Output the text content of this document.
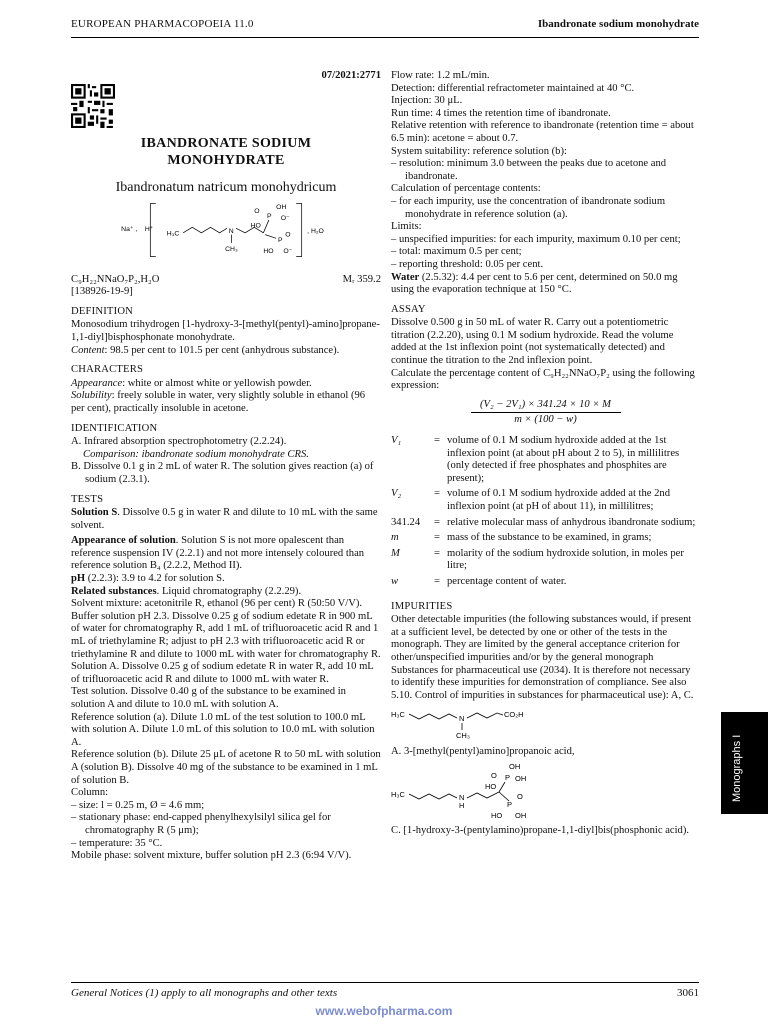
EUROPEAN PHARMACOPOEIA 11.0	Ibandronate sodium monohydrate
07/2021:2771
IBANDRONATE SODIUM MONOHYDRATE
Ibandronatum natricum monohydricum
Na⁺ , H⁺
H₃C	N
CH₃
O
OH
P O⁻
HO
P
O
HO O⁻
, H₂O
C₉H₂₂NNaO₇P₂,H₂O	Mᵣ 359.2
[138926-19-9]
DEFINITION

Monosodium trihydrogen [1-hydroxy-3-[methyl(pentyl)-amino]propane-1,1-diyl]bisphosphonate monohydrate.

Content: 98.5 per cent to 101.5 per cent (anhydrous substance).

CHARACTERS

Appearance: white or almost white or yellowish powder.

Solubility: freely soluble in water, very slightly soluble in ethanol (96 per cent), practically insoluble in acetone.

IDENTIFICATION

A. Infrared absorption spectrophotometry (2.2.24).

Comparison: ibandronate sodium monohydrate CRS.

B. Dissolve 0.1 g in 2 mL of water R. The solution gives reaction (a) of sodium (2.3.1).

TESTS

Solution S. Dissolve 0.5 g in water R and dilute to 10 mL with the same solvent.

Appearance of solution. Solution S is not more opalescent than reference suspension IV (2.2.1) and not more intensely coloured than reference solution B₄ (2.2.2, Method II).

pH (2.2.3): 3.9 to 4.2 for solution S.

Related substances. Liquid chromatography (2.2.29).

Solvent mixture: acetonitrile R, ethanol (96 per cent) R (50:50 V/V).

Buffer solution pH 2.3. Dissolve 0.25 g of sodium edetate R in 900 mL of water for chromatography R, add 1 mL of trifluoroacetic acid R and 1 mL of triethylamine R; adjust to pH 2.3 with trifluoroacetic acid R or triethylamine R and dilute to 1000 mL with water for chromatography R.

Solution A. Dissolve 0.25 g of sodium edetate R in water R, add 10 mL of trifluoroacetic acid R and dilute to 1000 mL with water R.

Test solution. Dissolve 0.40 g of the substance to be examined in solution A and dilute to 10.0 mL with solution A.

Reference solution (a). Dilute 1.0 mL of the test solution to 100.0 mL with solution A. Dilute 1.0 mL of this solution to 10.0 mL with solution A.

Reference solution (b). Dilute 25 μL of acetone R to 50 mL with solution A (solution B). Dissolve 40 mg of the substance to be examined in 1 mL of solution B.

Column:

– size: l = 0.25 m, Ø = 4.6 mm;

– stationary phase: end-capped phenylhexylsilyl silica gel for chromatography R (5 μm);

– temperature: 35 °C.

Mobile phase: solvent mixture, buffer solution pH 2.3 (6:94 V/V).

Flow rate: 1.2 mL/min.

Detection: differential refractometer maintained at 40 °C.

Injection: 30 μL.

Run time: 4 times the retention time of ibandronate.

Relative retention with reference to ibandronate (retention time = about 6.5 min): acetone = about 0.7.

System suitability: reference solution (b):

– resolution: minimum 3.0 between the peaks due to acetone and ibandronate.

Calculation of percentage contents:

– for each impurity, use the concentration of ibandronate sodium monohydrate in reference solution (a).

Limits:

– unspecified impurities: for each impurity, maximum 0.10 per cent;

– total: maximum 0.5 per cent;

– reporting threshold: 0.05 per cent.

Water (2.5.32): 4.4 per cent to 5.6 per cent, determined on 50.0 mg using the evaporation technique at 150 °C.

ASSAY

Dissolve 0.500 g in 50 mL of water R. Carry out a potentiometric titration (2.2.20), using 0.1 M sodium hydroxide. Read the volume added at the 1st inflexion point (not systematically detected) and continue the titration to the 2nd inflexion point.

Calculate the percentage content of C₉H₂₂NNaO₇P₂ using the following expression:

(V₂ − 2V₁) × 341.24 × 10 × M
m × (100 − w)
V₁	= volume of 0.1 M sodium hydroxide added at the 1st inflexion point (at about pH about 2 to 5), in millilitres (only detected if free phosphates and phosphites are present);
V₂	= volume of 0.1 M sodium hydroxide added at the 2nd inflexion point (at pH of about 11), in millilitres;
341.24	= relative molecular mass of anhydrous ibandronate sodium;
m	= mass of the substance to be examined, in grams;
M	= molarity of the sodium hydroxide solution, in moles per litre;
w	= percentage content of water.
IMPURITIES

Other detectable impurities (the following substances would, if present at a sufficient level, be detected by one or other of the tests in the monograph. They are limited by the general acceptance criterion for other/unspecified impurities and/or by the general monograph Substances for pharmaceutical use (2034). It is therefore not necessary to identify these impurities for demonstration of compliance. See also 5.10. Control of impurities in substances for pharmaceutical use): A, C.

H₃C	N
CH₃
CO₂H

A. 3-[methyl(pentyl)amino]propanoic acid,

OH
O P OH
HO
H₃C	N
H
O
P
HO OH

C. [1-hydroxy-3-(pentylamino)propane-1,1-diyl]bis(phosphonic acid).

Monographs I
General Notices (1) apply to all monographs and other texts	3061
www.webofpharma.com
